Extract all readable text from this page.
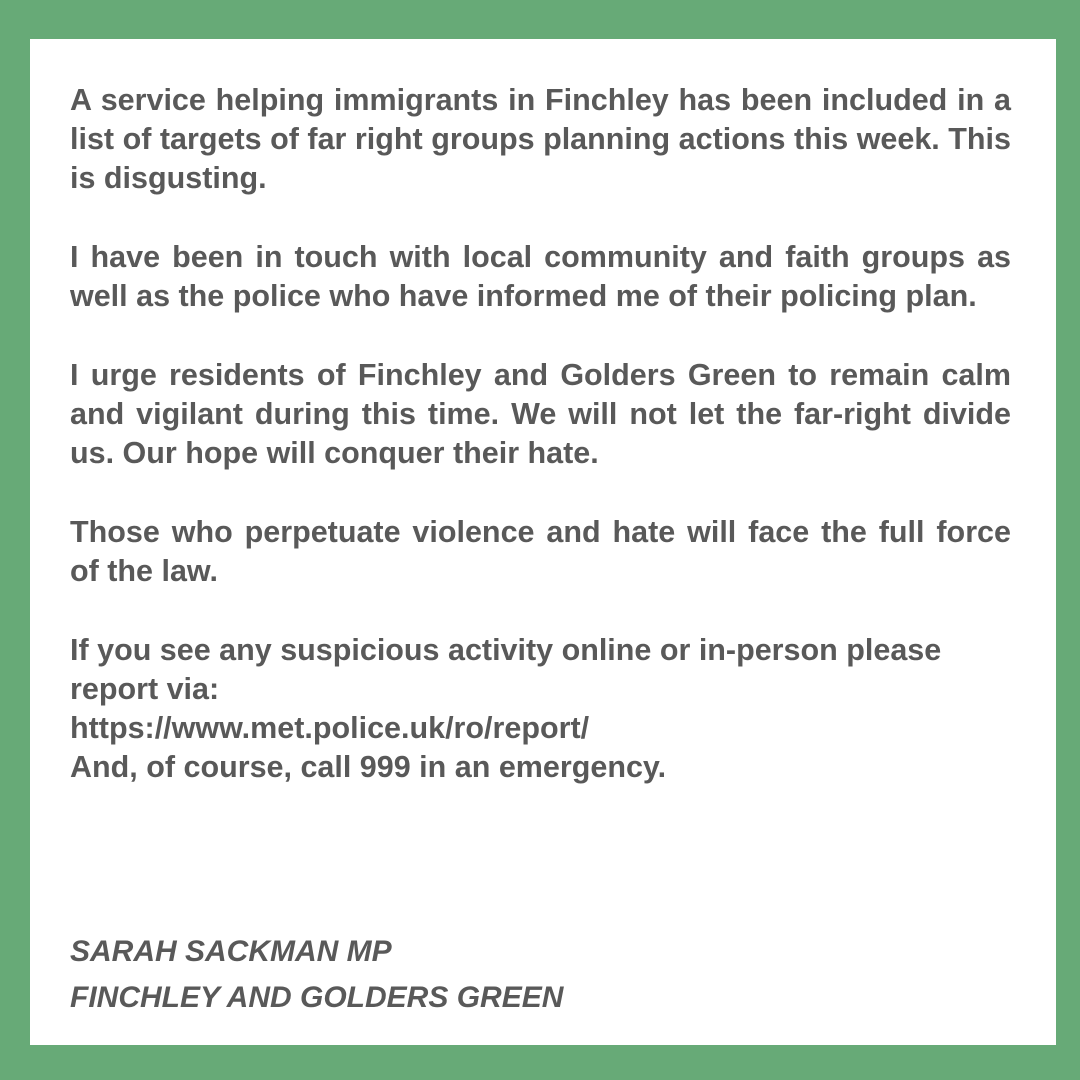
A service helping immigrants in Finchley has been included in a list of targets of far right groups planning actions this week. This is disgusting.

I have been in touch with local community and faith groups as well as the police who have informed me of their policing plan.

I urge residents of Finchley and Golders Green to remain calm and vigilant during this time. We will not let the far-right divide us. Our hope will conquer their hate.

Those who perpetuate violence and hate will face the full force of the law.

If you see any suspicious activity online or in-person please report via:
https://www.met.police.uk/ro/report/
And, of course, call 999 in an emergency.
SARAH SACKMAN MP
FINCHLEY AND GOLDERS GREEN
